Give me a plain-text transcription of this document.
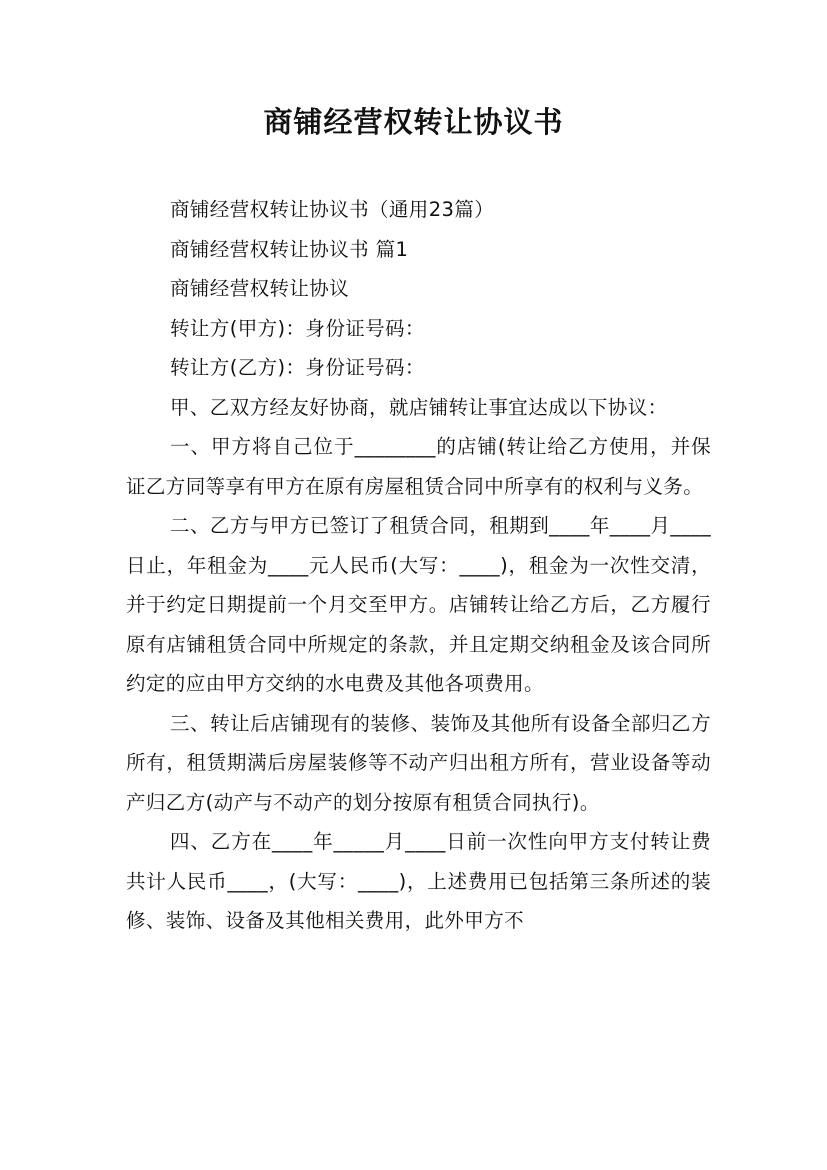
商铺经营权转让协议书

商铺经营权转让协议书（通用23篇）

商铺经营权转让协议书 篇1

商铺经营权转让协议

转让方(甲方)：身份证号码：

转让方(乙方)：身份证号码：

甲、乙双方经友好协商，就店铺转让事宜达成以下协议：

一、甲方将自己位于________的店铺(转让给乙方使用，并保证乙方同等享有甲方在原有房屋租赁合同中所享有的权利与义务。

二、乙方与甲方已签订了租赁合同，租期到____年____月____日止，年租金为____元人民币(大写：____)，租金为一次性交清，并于约定日期提前一个月交至甲方。店铺转让给乙方后，乙方履行原有店铺租赁合同中所规定的条款，并且定期交纳租金及该合同所约定的应由甲方交纳的水电费及其他各项费用。

三、转让后店铺现有的装修、装饰及其他所有设备全部归乙方所有，租赁期满后房屋装修等不动产归出租方所有，营业设备等动产归乙方(动产与不动产的划分按原有租赁合同执行)。

四、乙方在____年_____月____日前一次性向甲方支付转让费共计人民币____，(大写：____)，上述费用已包括第三条所述的装修、装饰、设备及其他相关费用，此外甲方不
